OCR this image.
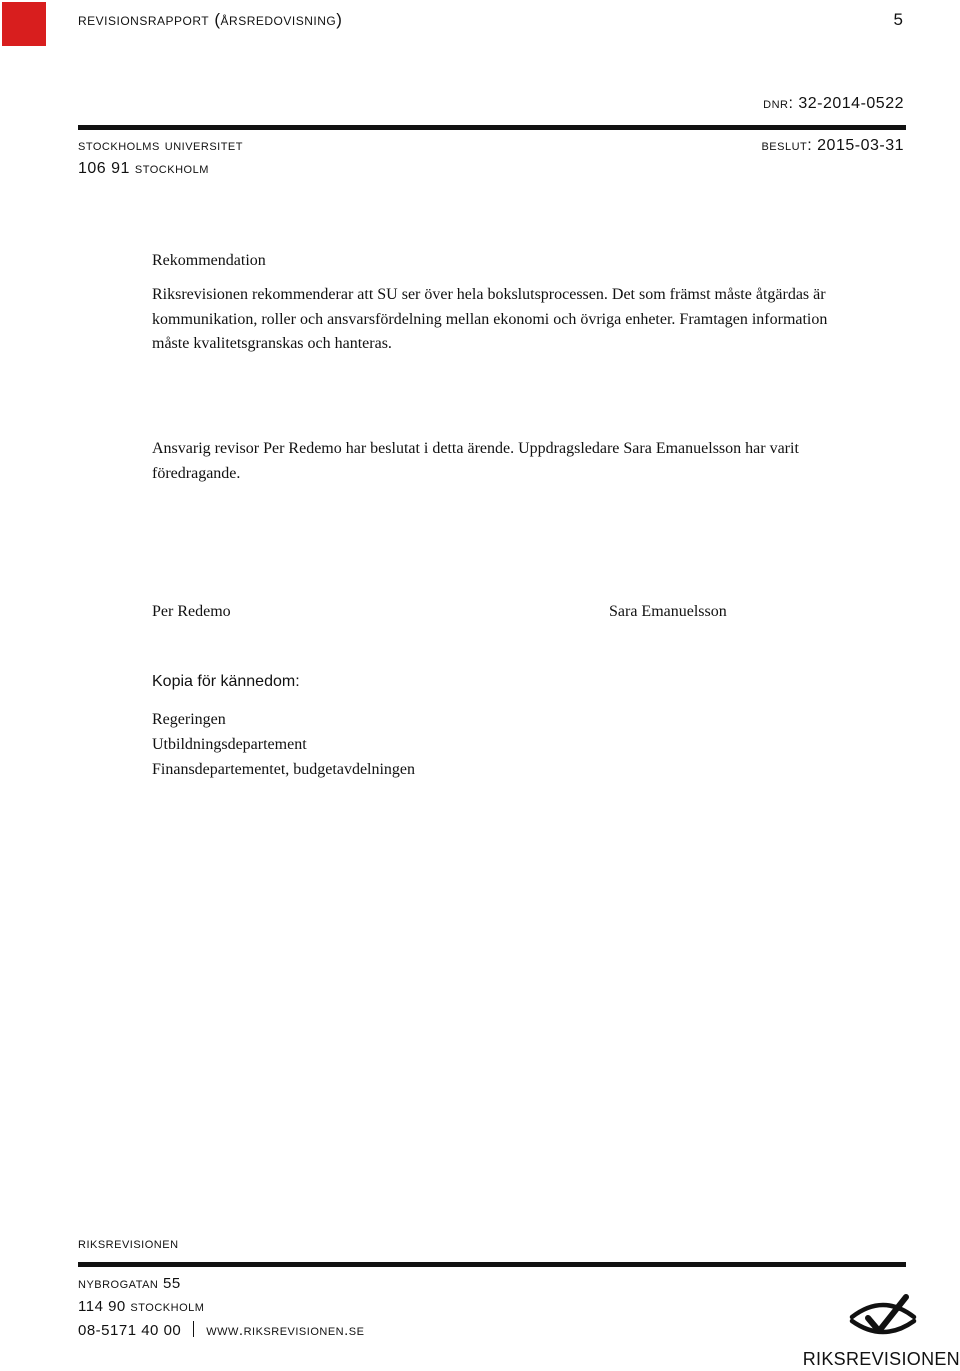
revisionsrapport (årsredovisning)	5
dnr: 32-2014-0522
stockholms universitet
106 91 stockholm
beslut: 2015-03-31
Rekommendation
Riksrevisionen rekommenderar att SU ser över hela bokslutsprocessen. Det som främst måste åtgärdas är kommunikation, roller och ansvarsfördelning mellan ekonomi och övriga enheter. Framtagen information måste kvalitetsgranskas och hanteras.
Ansvarig revisor Per Redemo har beslutat i detta ärende. Uppdragsledare Sara Emanuelsson har varit föredragande.
Per Redemo	Sara Emanuelsson
Kopia för kännedom:
Regeringen
Utbildningsdepartement
Finansdepartementet, budgetavdelningen
riksrevisionen
nybrogatan 55
114 90 stockholm
08-5171 40 00 www.riksrevisionen.se
RIKSREVISIONEN
